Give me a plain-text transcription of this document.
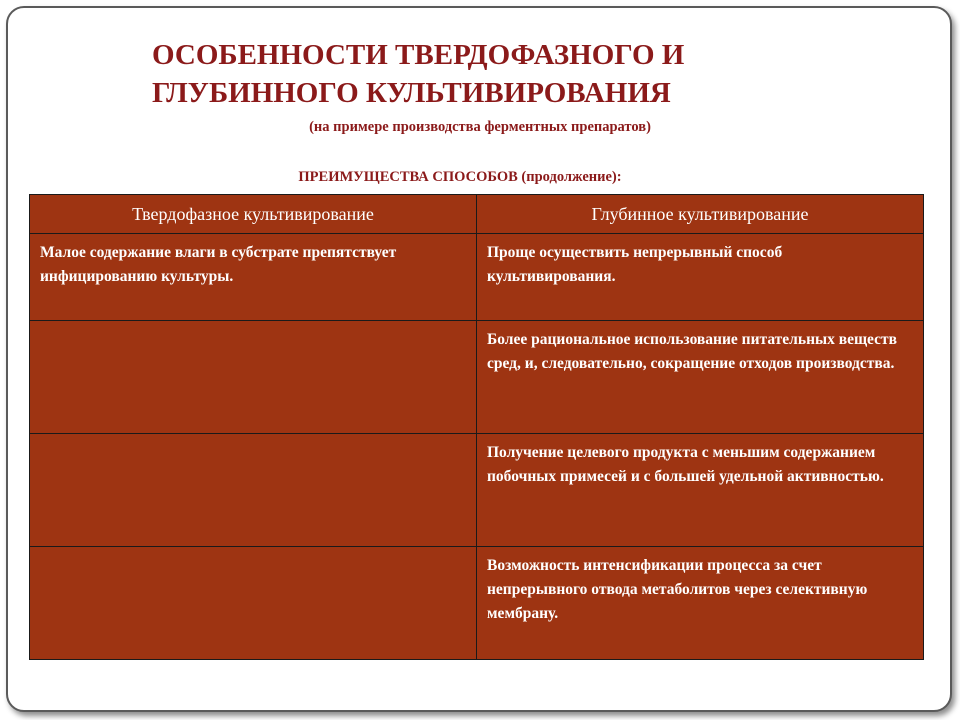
ОСОБЕННОСТИ ТВЕРДОФАЗНОГО И ГЛУБИННОГО КУЛЬТИВИРОВАНИЯ

(на примере производства ферментных препаратов)

ПРЕИМУЩЕСТВА СПОСОБОВ (продолжение):

Твердофазное культивирование	Глубинное культивирование
Малое содержание влаги в субстрате препятствует инфицированию культуры.	Проще осуществить непрерывный способ культивирования.
	Более рациональное использование питательных веществ сред, и, следовательно, сокращение отходов производства.
	Получение целевого продукта с меньшим содержанием побочных примесей и с большей удельной активностью.
	Возможность интенсификации процесса за счет непрерывного отвода метаболитов через селективную мембрану.
